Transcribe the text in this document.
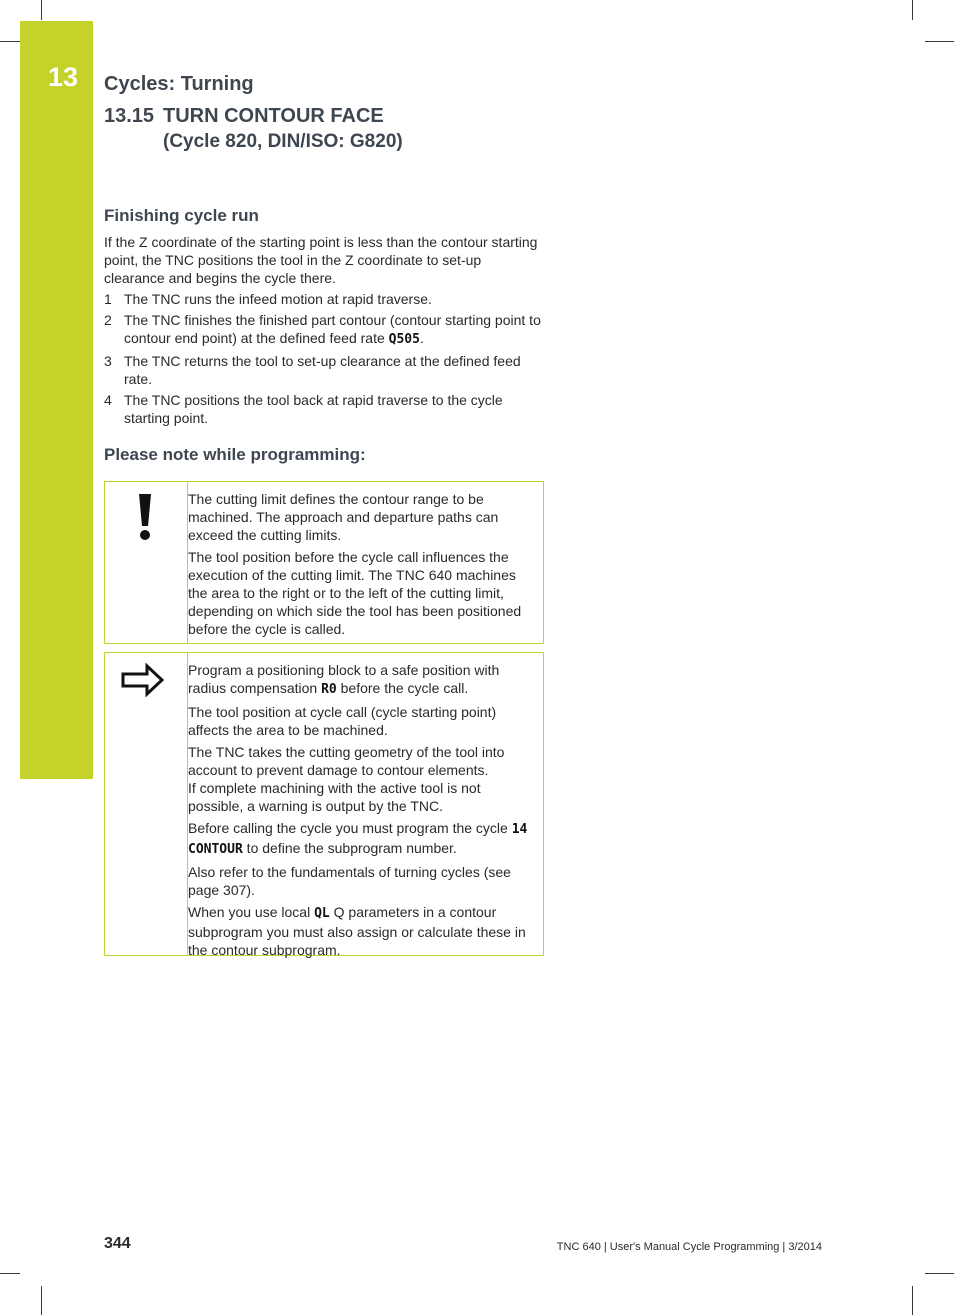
13 Cycles: Turning
13.15 TURN CONTOUR FACE
(Cycle 820, DIN/ISO: G820)
Finishing cycle run

If the Z coordinate of the starting point is less than the contour starting point, the TNC positions the tool in the Z coordinate to set-up clearance and begins the cycle there.

1 The TNC runs the infeed motion at rapid traverse.
2 The TNC finishes the finished part contour (contour starting point to contour end point) at the defined feed rate Q505.
3 The TNC returns the tool to set-up clearance at the defined feed rate.
4 The TNC positions the tool back at rapid traverse to the cycle starting point.
Please note while programming:

The cutting limit defines the contour range to be machined. The approach and departure paths can exceed the cutting limits.

The tool position before the cycle call influences the execution of the cutting limit. The TNC 640 machines the area to the right or to the left of the cutting limit, depending on which side the tool has been positioned before the cycle is called.

Program a positioning block to a safe position with radius compensation R0 before the cycle call.

The tool position at cycle call (cycle starting point) affects the area to be machined.

The TNC takes the cutting geometry of the tool into account to prevent damage to contour elements.
If complete machining with the active tool is not possible, a warning is output by the TNC.

Before calling the cycle you must program the cycle 14 CONTOUR to define the subprogram number.

Also refer to the fundamentals of turning cycles (see page 307).

When you use local QL Q parameters in a contour subprogram you must also assign or calculate these in the contour subprogram.

344	TNC 640 | User's Manual Cycle Programming | 3/2014
